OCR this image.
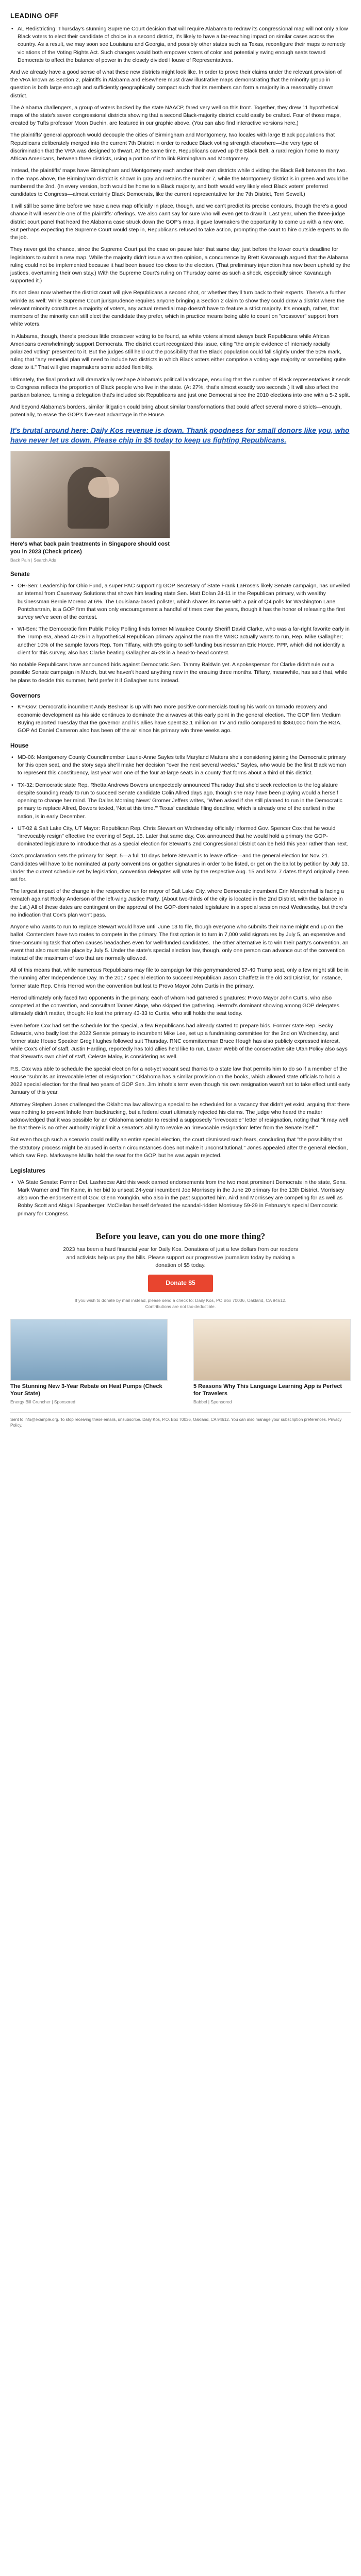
LEADING OFF
• AL Redistricting: Thursday's stunning Supreme Court decision that will require Alabama to redraw its congressional map will not only allow Black voters to elect their candidate of choice in a second district, it's likely to have a far-reaching impact on similar cases across the country. As a result, we may soon see Louisiana and Georgia, and possibly other states such as Texas, reconfigure their maps to remedy violations of the Voting Rights Act. Such changes would both empower voters of color and potentially swing enough seats toward Democrats to affect the balance of power in the closely divided House of Representatives.

And we already have a good sense of what these new districts might look like. In order to prove their claims under the relevant provision of the VRA known as Section 2, plaintiffs in Alabama and elsewhere must draw illustrative maps demonstrating that the minority group in question is both large enough and sufficiently geographically compact such that its members can form a majority in a reasonably drawn district.

The Alabama challengers, a group of voters backed by the state NAACP, fared very well on this front. Together, they drew 11 hypothetical maps of the state's seven congressional districts showing that a second Black-majority district could easily be crafted. Four of those maps, created by Tufts professor Moon Duchin, are featured in our graphic above. (You can also find interactive versions here.)

The plaintiffs' general approach would decouple the cities of Birmingham and Montgomery, two locales with large Black populations that Republicans deliberately merged into the current 7th District in order to reduce Black voting strength elsewhere—the very type of discrimination that the VRA was designed to thwart. At the same time, Republicans carved up the Black Belt, a rural region home to many African Americans, between three districts, using a portion of it to link Birmingham and Montgomery.

Instead, the plaintiffs' maps have Birmingham and Montgomery each anchor their own districts while dividing the Black Belt between the two. In the maps above, the Birmingham district is shown in gray and retains the number 7, while the Montgomery district is in green and would be numbered the 2nd. (In every version, both would be home to a Black majority, and both would very likely elect Black voters' preferred candidates to Congress—almost certainly Black Democrats, like the current representative for the 7th District, Terri Sewell.)

It will still be some time before we have a new map officially in place, though, and we can't predict its precise contours, though there's a good chance it will resemble one of the plaintiffs' offerings. We also can't say for sure who will even get to draw it. Last year, when the three-judge district court panel that heard the Alabama case struck down the GOP's map, it gave lawmakers the opportunity to come up with a new one. But perhaps expecting the Supreme Court would step in, Republicans refused to take action, prompting the court to hire outside experts to do the job.

They never got the chance, since the Supreme Court put the case on pause later that same day, just before the lower court's deadline for legislators to submit a new map. While the majority didn't issue a written opinion, a concurrence by Brett Kavanaugh argued that the Alabama ruling could not be implemented because it had been issued too close to the election. (That preliminary injunction has now been upheld by the justices, overturning their own stay.) With the Supreme Court's ruling on Thursday came as such a shock, especially since Kavanaugh supported it.)

It's not clear now whether the district court will give Republicans a second shot, or whether they'll turn back to their experts. There's a further wrinkle as well: While Supreme Court jurisprudence requires anyone bringing a Section 2 claim to show they could draw a district where the relevant minority constitutes a majority of voters, any actual remedial map doesn't have to feature a strict majority. It's enough, rather, that members of the minority can still elect the candidate they prefer, which in practice means being able to count on "crossover" support from white voters.

In Alabama, though, there's precious little crossover voting to be found, as white voters almost always back Republicans while African Americans overwhelmingly support Democrats. The district court recognized this issue, citing "the ample evidence of intensely racially polarized voting" presented to it. But the judges still held out the possibility that the Black population could fall slightly under the 50% mark, ruling that "any remedial plan will need to include two districts in which Black voters either comprise a voting-age majority or something quite close to it." That will give mapmakers some added flexibility.

Ultimately, the final product will dramatically reshape Alabama's political landscape, ensuring that the number of Black representatives it sends to Congress reflects the proportion of Black people who live in the state. (At 27%, that's almost exactly two seconds.) It will also affect the partisan balance, turning a delegation that's included six Republicans and just one Democrat since the 2010 elections into one with a 5-2 split.

And beyond Alabama's borders, similar litigation could bring about similar transformations that could affect several more districts—enough, potentially, to erase the GOP's five-seat advantage in the House.

It's brutal around here: Daily Kos revenue is down. Thank goodness for small donors like you, who have never let us down. Please chip in $5 today to keep us fighting Republicans.
Here's what back pain treatments in Singapore should cost you in 2023 (Check prices)
Back Pain | Search Ads
Senate
• OH-Sen: Leadership for Ohio Fund, a super PAC supporting GOP Secretary of State Frank LaRose's likely Senate campaign, has unveiled an internal from Causeway Solutions that shows him leading state Sen. Matt Dolan 24-11 in the Republican primary, with wealthy businessman Bernie Moreno at 6%. The Louisiana-based pollster, which shares its name with a pair of Q4 polls for Washington Lane Pontchartrain, is a GOP firm that won only encouragement a handful of times over the years, though it has the honor of releasing the first survey we've seen of the contest.
• WI-Sen: The Democratic firm Public Policy Polling finds former Milwaukee County Sheriff David Clarke, who was a far-right favorite early in the Trump era, ahead 40-26 in a hypothetical Republican primary against the man the WISC actually wants to run, Rep. Mike Gallagher; another 10% of the sample favors Rep. Tom Tiffany, with 5% going to self-funding businessman Eric Hovde. PPP, which did not identify a client for this survey, also has Clarke beating Gallagher 45-28 in a head-to-head contest.

No notable Republicans have announced bids against Democratic Sen. Tammy Baldwin yet. A spokesperson for Clarke didn't rule out a possible Senate campaign in March, but we haven't heard anything new in the ensuing three months. Tiffany, meanwhile, has said that, while he plans to decide this summer, he'd prefer it if Gallagher runs instead.

Governors
• KY-Gov: Democratic incumbent Andy Beshear is up with two more positive commercials touting his work on tornado recovery and economic development as his side continues to dominate the airwaves at this early point in the general election. The GOP firm Medium Buying reported Tuesday that the governor and his allies have spent $2.1 million on TV and radio compared to $360,000 from the RGA. GOP Ad Daniel Cameron also has been off the air since his primary win three weeks ago.
House
• MD-06: Montgomery County Councilmember Laurie-Anne Sayles tells Maryland Matters she's considering joining the Democratic primary for this open seat, and the story says she'll make her decision "over the next several weeks." Sayles, who would be the first Black woman to represent this constituency, last year won one of the four at-large seats in a county that forms about a third of this district.
• TX-32: Democratic state Rep. Rhetta Andrews Bowers unexpectedly announced Thursday that she'd seek reelection to the legislature despite sounding ready to run to succeed Senate candidate Colin Allred days ago, though she may have been praying would a herself opening to change her mind. The Dallas Morning News' Gromer Jeffers writes, "When asked if she still planned to run in the Democratic primary to replace Allred, Bowers texted, 'Not at this time.'" Texas' candidate filing deadline, which is already one of the earliest in the nation, is in early December.
• UT-02 & Salt Lake City, UT Mayor: Republican Rep. Chris Stewart on Wednesday officially informed Gov. Spencer Cox that he would "irrevocably resign" effective the evening of Sept. 15. Later that same day, Cox announced that he would hold a primary the GOP-dominated legislature to introduce that as a special election for Stewart's 2nd Congressional District can be held this year rather than next.

Cox's proclamation sets the primary for Sept. 5—a full 10 days before Stewart is to leave office—and the general election for Nov. 21. Candidates will have to be nominated at party conventions or gather signatures in order to be listed, or get on the ballot by petition by July 13. Under the current schedule set by legislation, convention delegates will vote by the respective Aug. 15 and Nov. 7 dates they'd originally been set for.

The largest impact of the change in the respective run for mayor of Salt Lake City, where Democratic incumbent Erin Mendenhall is facing a rematch against Rocky Anderson of the left-wing Justice Party. (About two-thirds of the city is located in the 2nd District, with the balance in the 1st.) All of these dates are contingent on the approval of the GOP-dominated legislature in a special session next Wednesday, but there's no indication that Cox's plan won't pass.

Anyone who wants to run to replace Stewart would have until June 13 to file, though everyone who submits their name might end up on the ballot. Contenders have two routes to compete in the primary. The first option is to turn in 7,000 valid signatures by July 5, an expensive and time-consuming task that often causes headaches even for well-funded candidates. The other alternative is to win their party's convention, an event that also must take place by July 5. Under the state's special election law, though, only one person can advance out of the convention instead of the maximum of two that are normally allowed.

All of this means that, while numerous Republicans may file to campaign for this gerrymandered 57-40 Trump seat, only a few might still be in the running after Independence Day. In the 2017 special election to succeed Republican Jason Chaffetz in the old 3rd District, for instance, former state Rep. Chris Herrod won the convention but lost to Provo Mayor John Curtis in the primary.

Herrod ultimately only faced two opponents in the primary, each of whom had gathered signatures: Provo Mayor John Curtis, who also competed at the convention, and consultant Tanner Ainge, who skipped the gathering. Herrod's dominant showing among GOP delegates ultimately didn't matter, though: He lost the primary 43-33 to Curtis, who still holds the seat today.

Even before Cox had set the schedule for the special, a few Republicans had already started to prepare bids. Former state Rep. Becky Edwards, who badly lost the 2022 Senate primary to incumbent Mike Lee, set up a fundraising committee for the 2nd on Wednesday, and former state House Speaker Greg Hughes followed suit Thursday. RNC committeeman Bruce Hough has also publicly expressed interest, while Cox's chief of staff, Justin Harding, reportedly has told allies he'd like to run. Lavarr Webb of the conservative site Utah Policy also says that Stewart's own chief of staff, Celeste Maloy, is considering as well.

P.S. Cox was able to schedule the special election for a not-yet vacant seat thanks to a state law that permits him to do so if a member of the House "submits an irrevocable letter of resignation." Oklahoma has a similar provision on the books, which allowed state officials to hold a 2022 special election for the final two years of GOP Sen. Jim Inhofe's term even though his own resignation wasn't set to take effect until early January of this year.

Attorney Stephen Jones challenged the Oklahoma law allowing a special to be scheduled for a vacancy that didn't yet exist, arguing that there was nothing to prevent Inhofe from backtracking, but a federal court ultimately rejected his claims. The judge who heard the matter acknowledged that it was possible for an Oklahoma senator to rescind a supposedly "irrevocable" letter of resignation, noting that "it may well be that there is no other authority might limit a senator's ability to revoke an 'irrevocable resignation' letter from the Senate itself."

But even though such a scenario could nullify an entire special election, the court dismissed such fears, concluding that "the possibility that the statutory process might be abused in certain circumstances does not make it unconstitutional." Jones appealed after the general election, which saw Rep. Markwayne Mullin hold the seat for the GOP, but he was again rejected.

Legislatures
• VA State Senate: Former Del. Lashrecse Aird this week earned endorsements from the two most prominent Democrats in the state, Sens. Mark Warner and Tim Kaine, in her bid to unseat 24-year incumbent Joe Morrissey in the June 20 primary for the 13th District. Morrissey also won the endorsement of Gov. Glenn Youngkin, who also in the past supported him. Aird and Morrissey are competing for as well as Bobby Scott and Abigail Spanberger. McClellan herself defeated the scandal-ridden Morrissey 59-29 in February's special Democratic primary for Congress.
Before you leave, can you do one more thing?
2023 has been a hard financial year for Daily Kos. Donations of just a few dollars from our readers and activists help us pay the bills. Please support our progressive journalism today by making a donation of $5 today.
Donate $5
If you wish to donate by mail instead, please send a check to: Daily Kos, PO Box 70036, Oakland, CA 94612. Contributions are not tax-deductible.
The Stunning New 3-Year Rebate on Heat Pumps (Check Your State)
Energy Bill Cruncher | Sponsored
5 Reasons Why This Language Learning App is Perfect for Travelers
Babbel | Sponsored
Sent to info@example.org. To stop receiving these emails, unsubscribe. Daily Kos, P.O. Box 70036, Oakland, CA 94612. You can also manage your subscription preferences. Privacy Policy.
